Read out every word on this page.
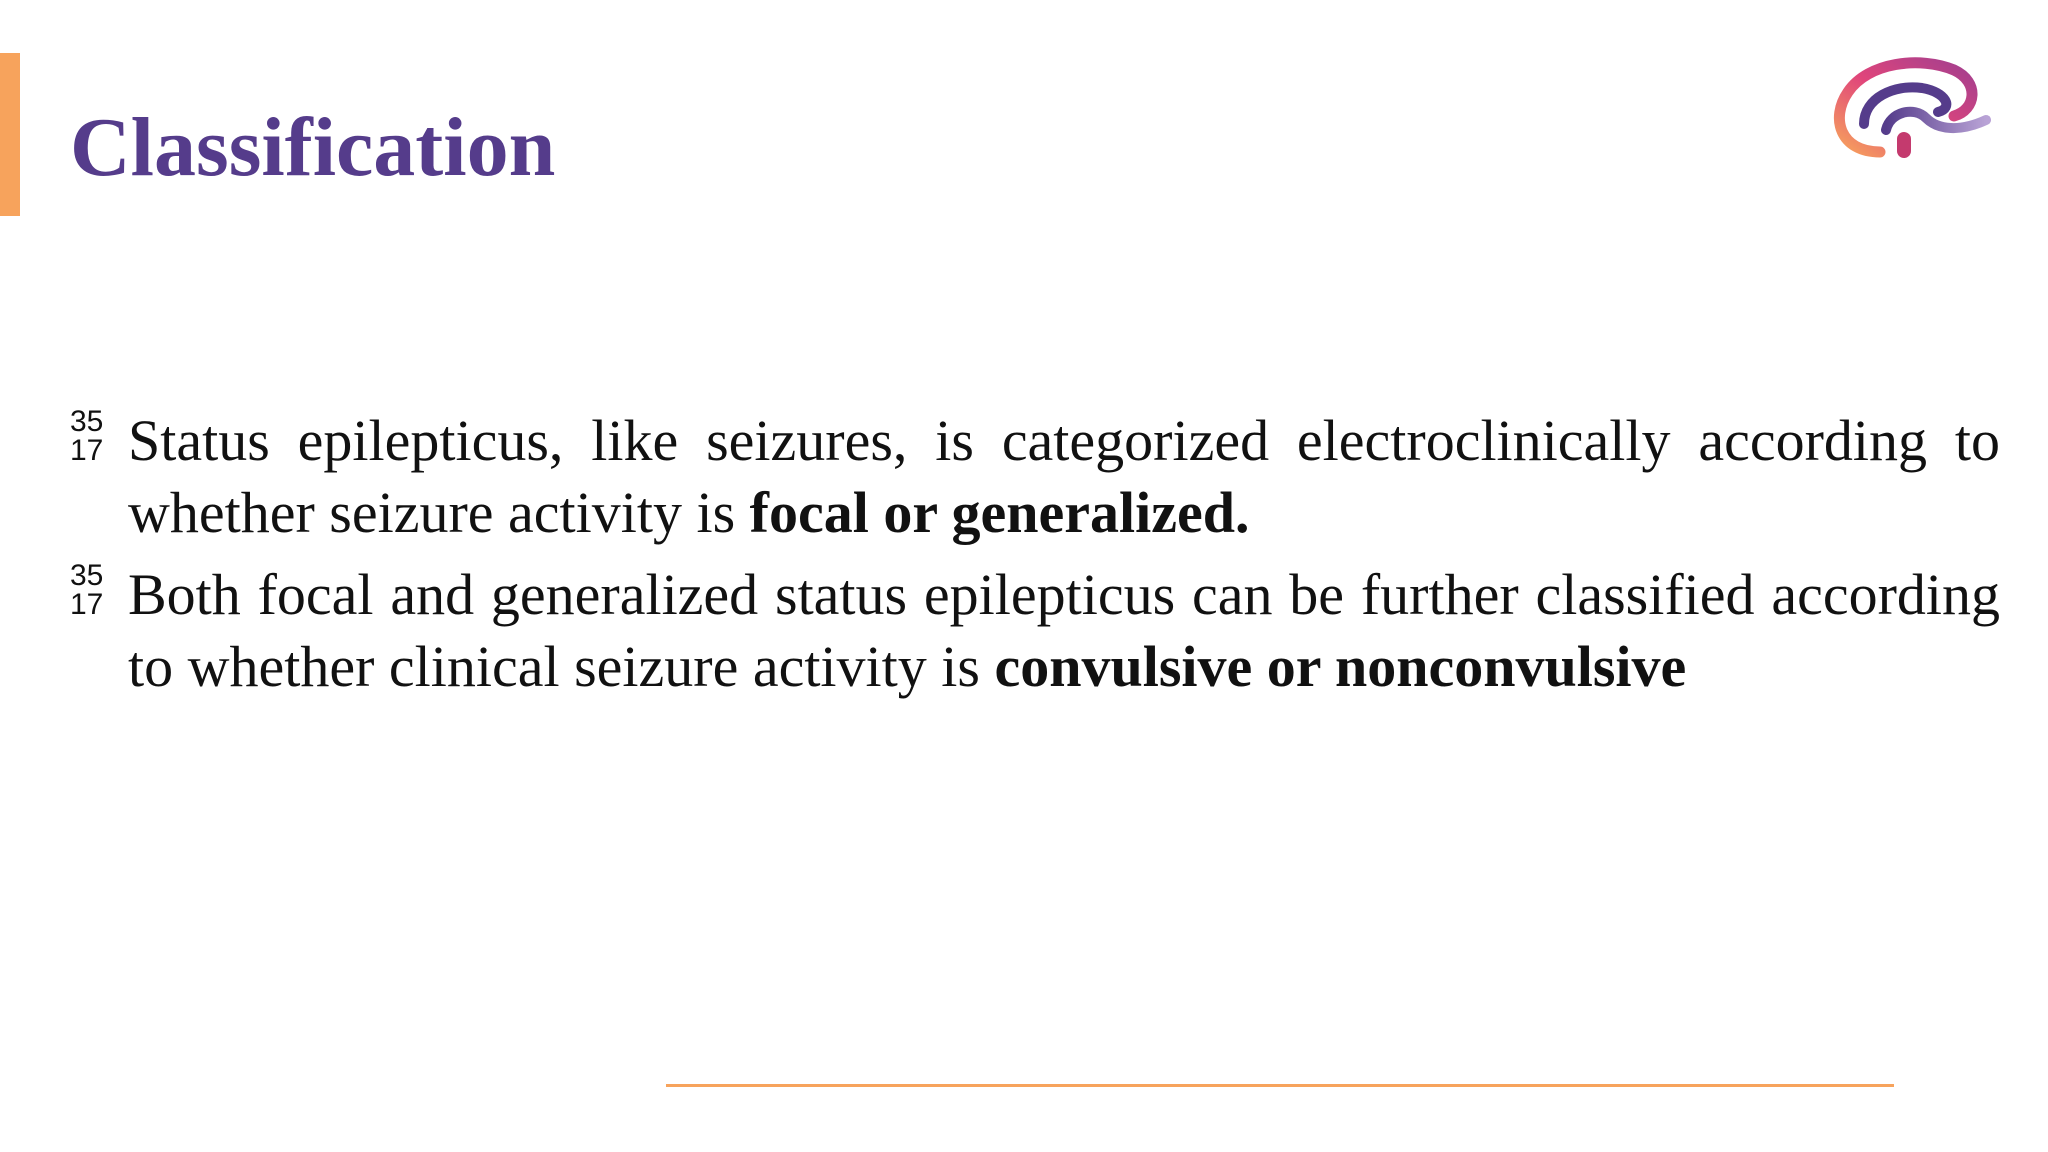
Classification
35
17 Status epilepticus, like seizures, is categorized electroclinically according to whether seizure activity is focal or generalized.
35
17 Both focal and generalized status epilepticus can be further classified according to whether clinical seizure activity is convulsive or nonconvulsive
